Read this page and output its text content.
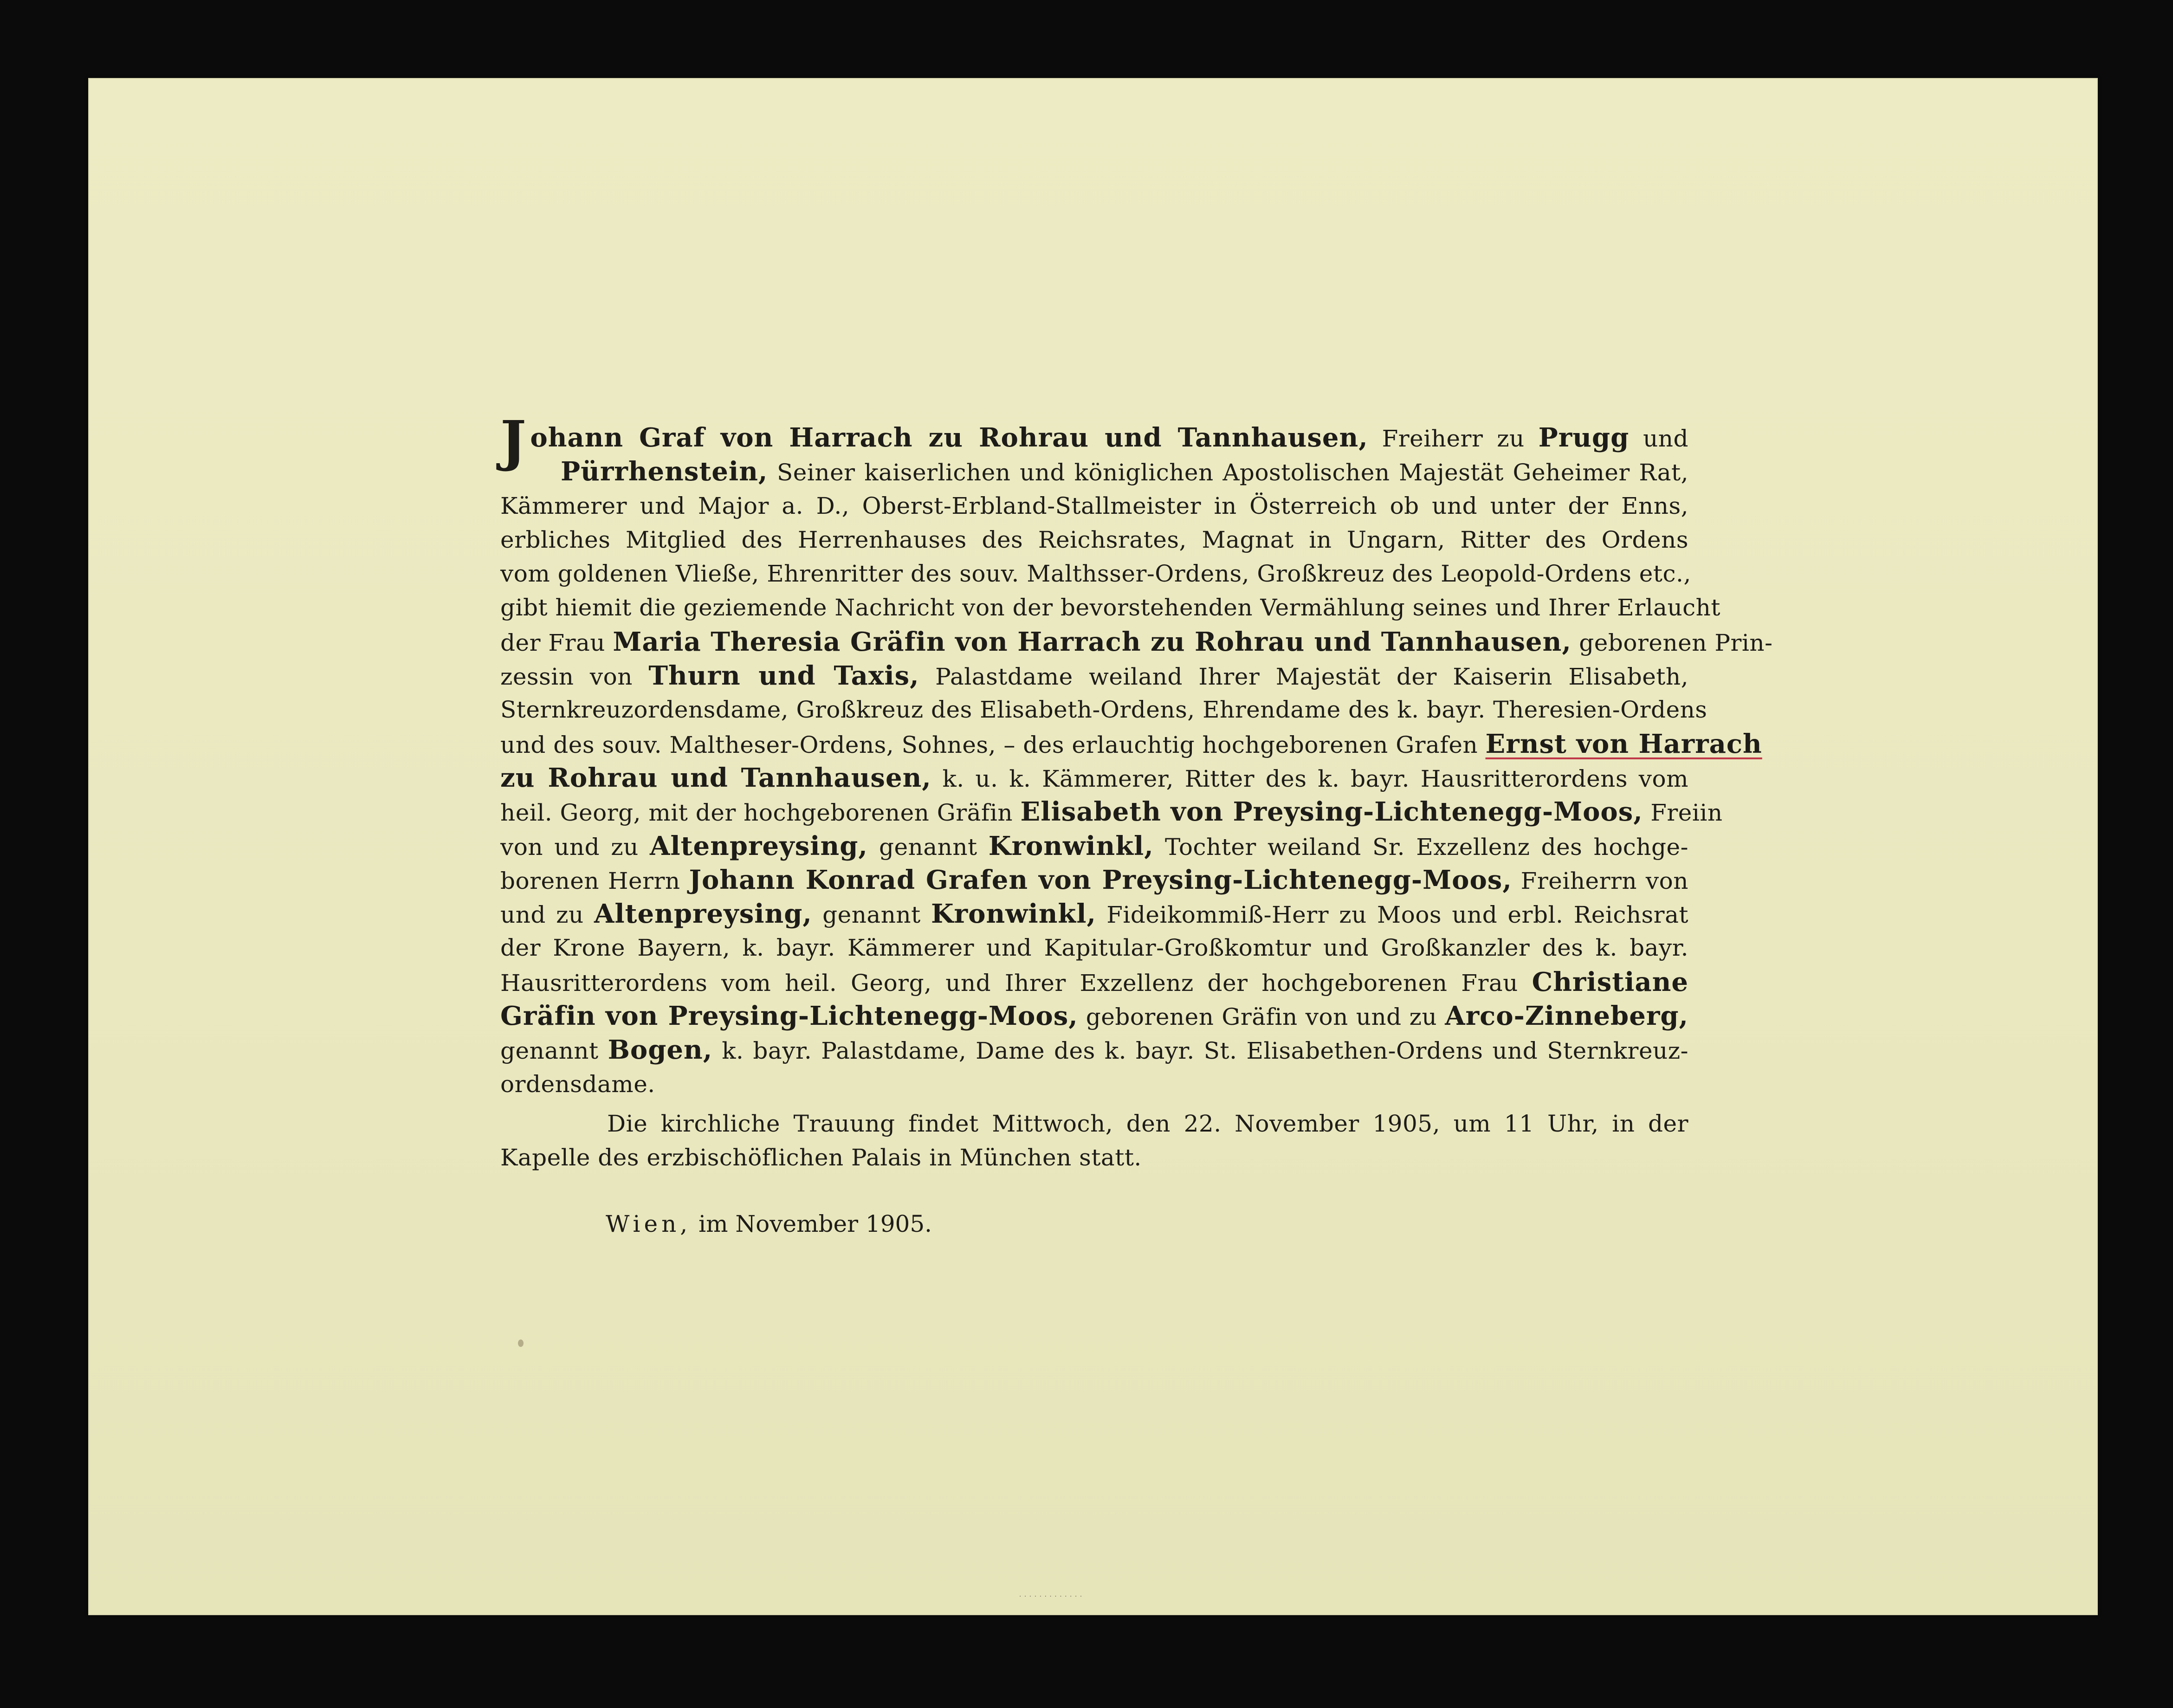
J ohann Graf von Harrach zu Rohrau und Tannhausen, Freiherr zu Prugg und
Pürrhenstein, Seiner kaiserlichen und königlichen Apostolischen Majestät Geheimer Rat,
Kämmerer und Major a. D., Oberst-Erbland-Stallmeister in Österreich ob und unter der Enns,
erbliches Mitglied des Herrenhauses des Reichsrates, Magnat in Ungarn, Ritter des Ordens
vom goldenen Vließe, Ehrenritter des souv. Malthsser-Ordens, Großkreuz des Leopold-Ordens etc.,
gibt hiemit die geziemende Nachricht von der bevorstehenden Vermählung seines und Ihrer Erlaucht
der Frau Maria Theresia Gräfin von Harrach zu Rohrau und Tannhausen, geborenen Prin-
zessin von Thurn und Taxis, Palastdame weiland Ihrer Majestät der Kaiserin Elisabeth,
Sternkreuzordensdame, Großkreuz des Elisabeth-Ordens, Ehrendame des k. bayr. Theresien-Ordens
und des souv. Maltheser-Ordens, Sohnes, – des erlauchtig hochgeborenen Grafen Ernst von Harrach
zu Rohrau und Tannhausen, k. u. k. Kämmerer, Ritter des k. bayr. Hausritterordens vom
heil. Georg, mit der hochgeborenen Gräfin Elisabeth von Preysing-Lichtenegg-Moos, Freiin
von und zu Altenpreysing, genannt Kronwinkl, Tochter weiland Sr. Exzellenz des hochge-
borenen Herrn Johann Konrad Grafen von Preysing-Lichtenegg-Moos, Freiherrn von
und zu Altenpreysing, genannt Kronwinkl, Fideikommiß-Herr zu Moos und erbl. Reichsrat
der Krone Bayern, k. bayr. Kämmerer und Kapitular-Großkomtur und Großkanzler des k. bayr.
Hausritterordens vom heil. Georg, und Ihrer Exzellenz der hochgeborenen Frau Christiane
Gräfin von Preysing-Lichtenegg-Moos, geborenen Gräfin von und zu Arco-Zinneberg,
genannt Bogen, k. bayr. Palastdame, Dame des k. bayr. St. Elisabethen-Ordens und Sternkreuz-
ordensdame.
Die kirchliche Trauung findet Mittwoch, den 22. November 1905, um 11 Uhr, in der
Kapelle des erzbischöflichen Palais in München statt.
Wien, im November 1905.
· · · · · · · · · · · · ·
